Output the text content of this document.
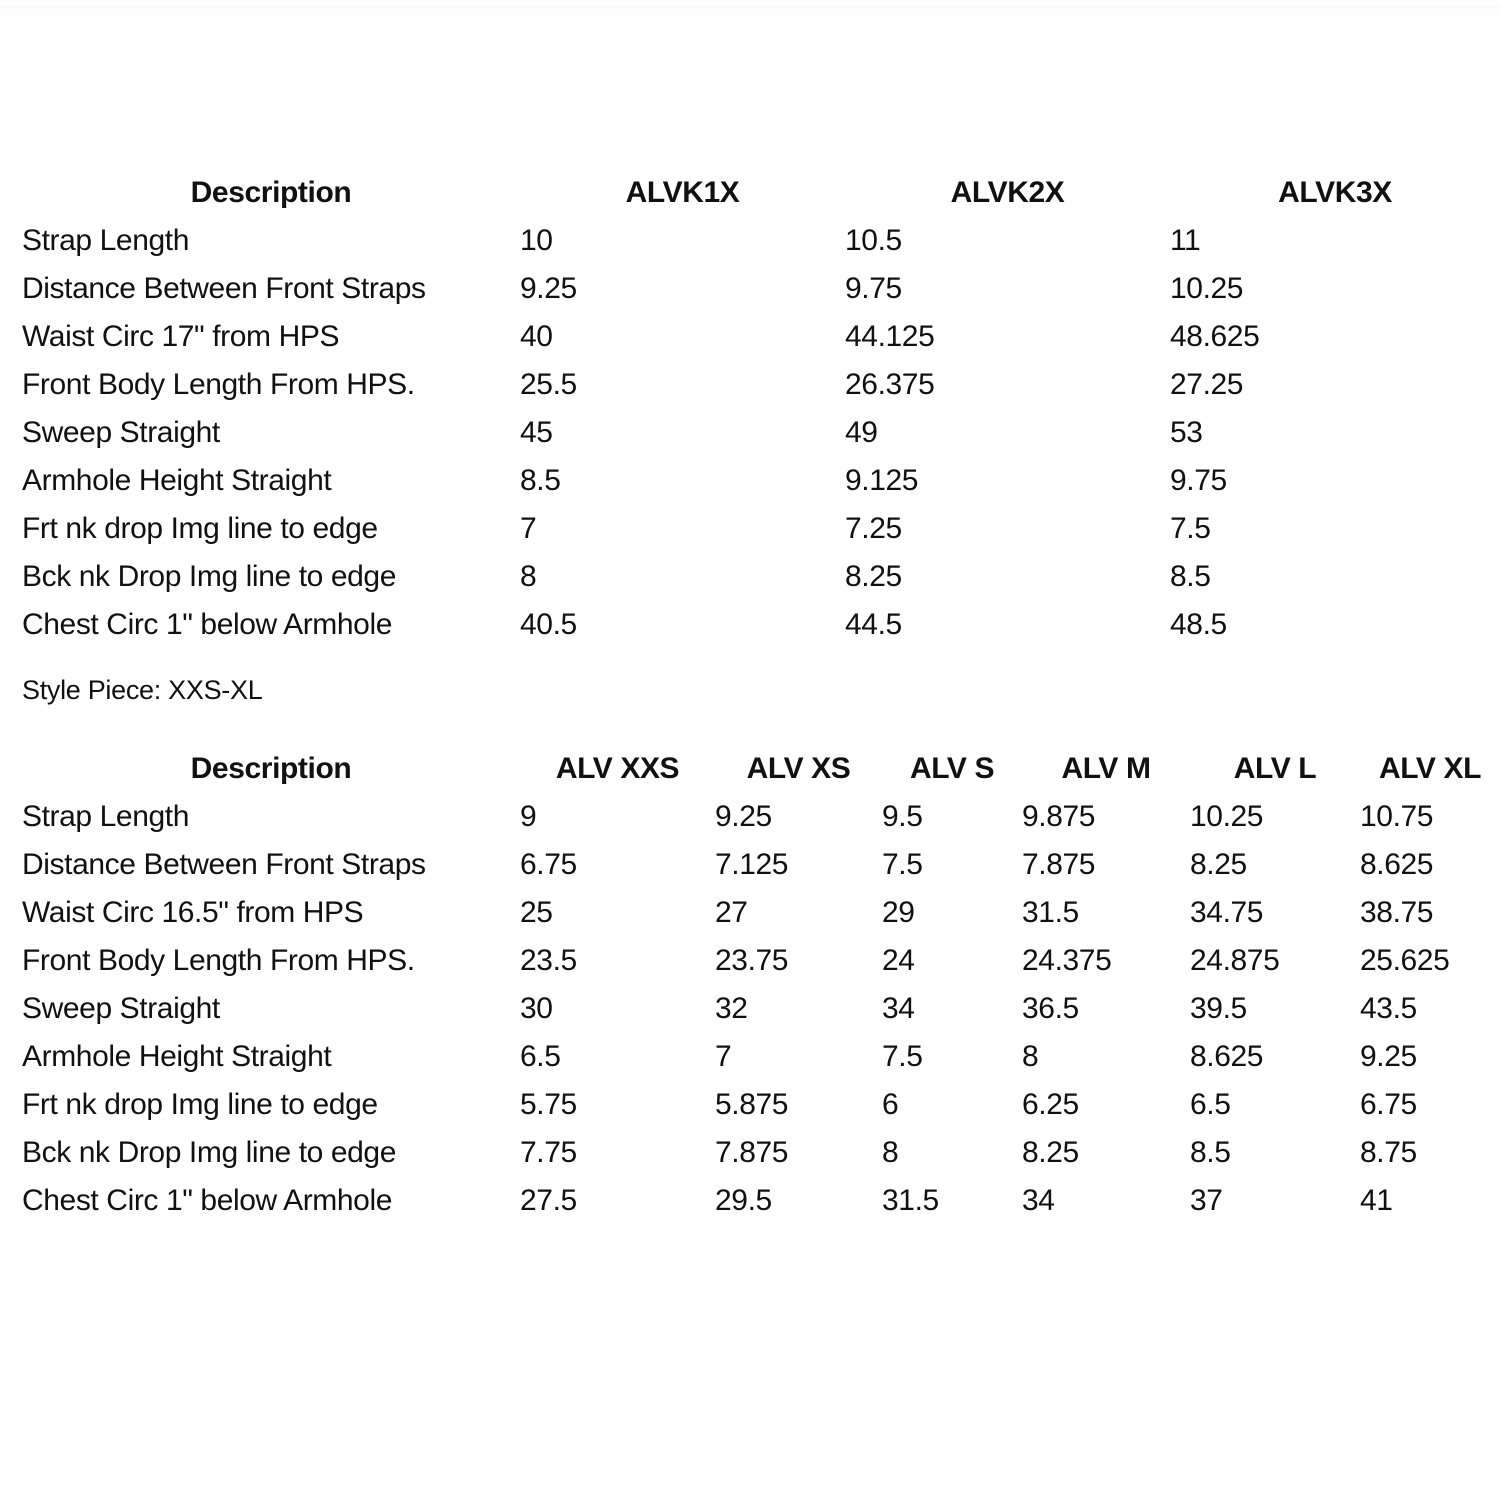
Description	ALVK1X	ALVK2X	ALVK3X
Strap Length	10	10.5	11
Distance Between Front Straps	9.25	9.75	10.25
Waist Circ 17" from HPS	40	44.125	48.625
Front Body Length From HPS.	25.5	26.375	27.25
Sweep Straight	45	49	53
Armhole Height Straight	8.5	9.125	9.75
Frt nk drop Img line to edge	7	7.25	7.5
Bck nk Drop Img line to edge	8	8.25	8.5
Chest Circ 1" below Armhole	40.5	44.5	48.5
Style Piece: XXS-XL
Description	ALV XXS	ALV XS	ALV S	ALV M	ALV L	ALV XL
Strap Length	9	9.25	9.5	9.875	10.25	10.75
Distance Between Front Straps	6.75	7.125	7.5	7.875	8.25	8.625
Waist Circ 16.5" from HPS	25	27	29	31.5	34.75	38.75
Front Body Length From HPS.	23.5	23.75	24	24.375	24.875	25.625
Sweep Straight	30	32	34	36.5	39.5	43.5
Armhole Height Straight	6.5	7	7.5	8	8.625	9.25
Frt nk drop Img line to edge	5.75	5.875	6	6.25	6.5	6.75
Bck nk Drop Img line to edge	7.75	7.875	8	8.25	8.5	8.75
Chest Circ 1" below Armhole	27.5	29.5	31.5	34	37	41
